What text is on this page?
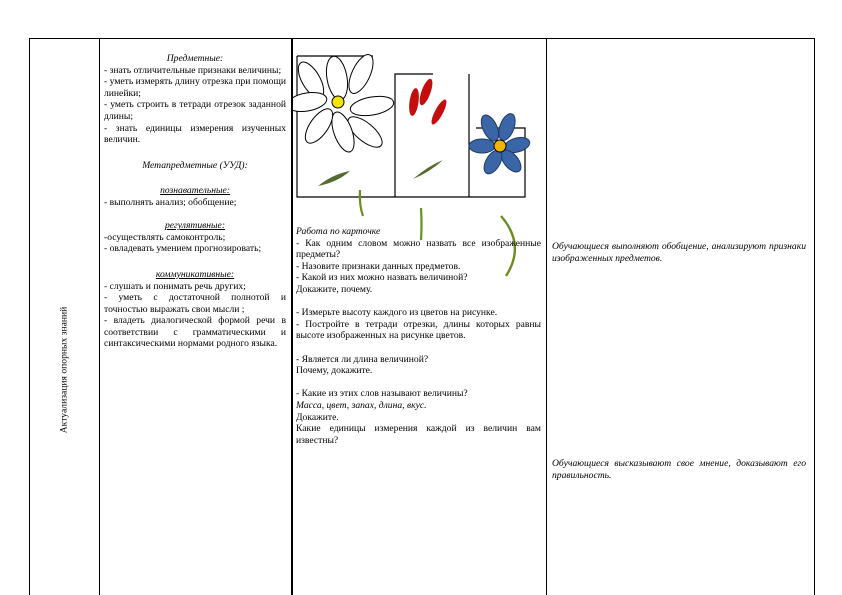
Актуализация опорных знаний
Предметные:
- знать отличительные признаки величины;
- уметь измерять длину отрезка при помощи линейки;
- уметь строить в тетради отрезок заданной длины;
- знать единицы измерения изученных величин.
Метапредметные (УУД):
познавательные:
- выполнять анализ; обобщение;
регулятивные:
-осуществлять самоконтроль;
- овладевать умением прогнозировать;
коммуникативные:
- слушать и понимать речь других;
- уметь с достаточной полнотой и точностью выражать свои мысли ;
- владеть диалогической формой речи в соответствии с грамматическими и синтаксическими нормами родного языка.
Работа по карточке
- Как одним словом можно назвать все изображенные предметы?
- Назовите признаки данных предметов.
- Какой из них можно назвать величиной?
Докажите, почему.
- Измерьте высоту каждого из цветов на рисунке.
- Постройте в тетради отрезки, длины которых равны высоте изображенных на рисунке цветов.
- Является ли длина величиной?
Почему, докажите.
- Какие из этих слов называют величины?
Масса, цвет, запах, длина, вкус.
Докажите.
Какие единицы измерения каждой из величин вам известны?
Обучающиеся выполняют обобщение, анализируют признаки изображенных предметов.
Обучающиеся высказывают свое мнение, доказывают его правильность.
